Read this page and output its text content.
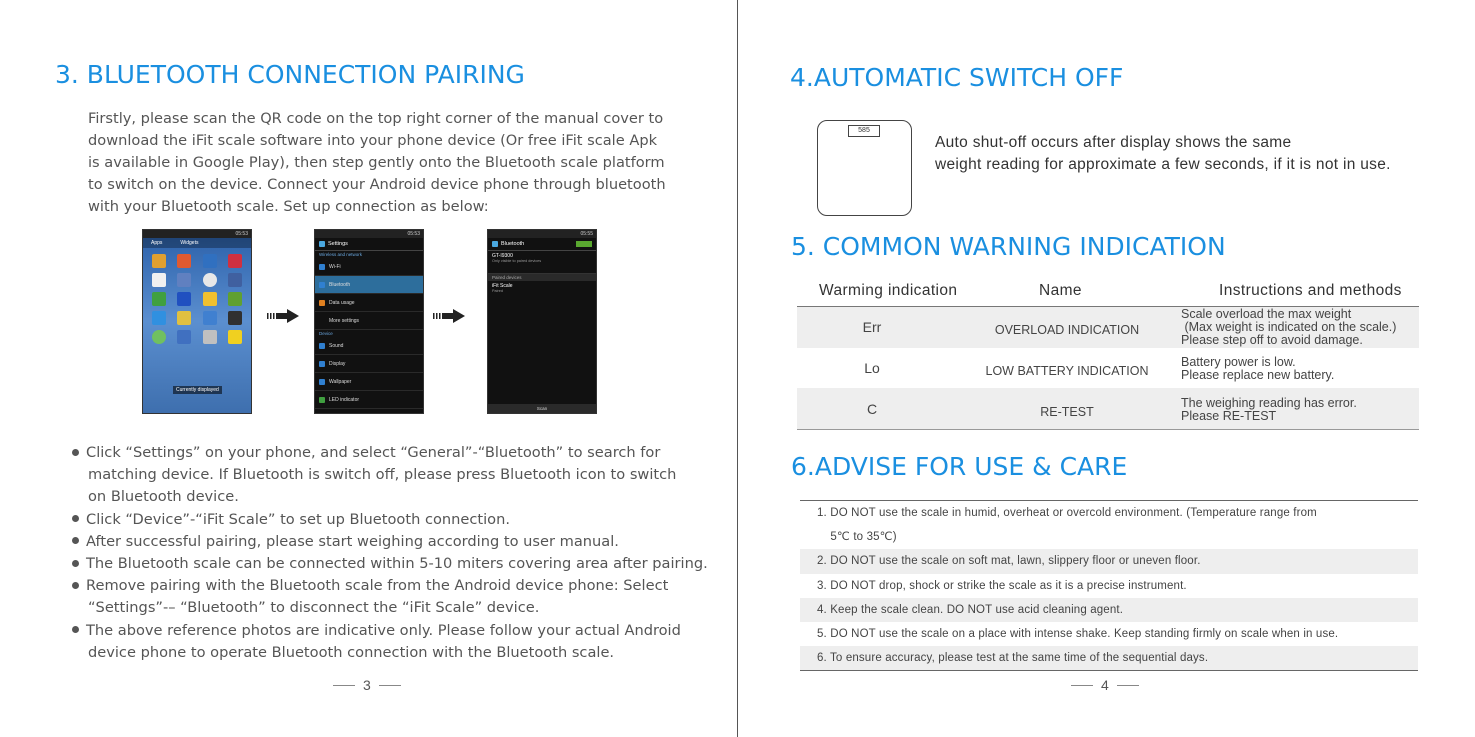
3. BLUETOOTH CONNECTION PAIRING

Firstly, please scan the QR code on the top right corner of the manual cover to

download the iFit scale software into your phone device (Or free iFit scale Apk

is available in Google Play), then step gently onto the Bluetooth scale platform

to switch on the device. Connect your Android device phone through bluetooth

with your Bluetooth scale. Set up connection as below:

05:53
Apps	Widgets
Currently displayed
05:53
Settings
Wireless and network
Wi-Fi
Bluetooth
Data usage
More settings
Device
Sound
Display
Wallpaper
LED indicator
05:55
Bluetooth
GT-I9300
Only visible to paired devices
Paired devices
iFit Scale
Paired
Scan
Click “Settings” on your phone, and select “General”-“Bluetooth” to search for
matching device. If Bluetooth is switch off, please press Bluetooth icon to switch
on Bluetooth device.
Click “Device”-“iFit Scale” to set up Bluetooth connection.
After successful pairing, please start weighing according to user manual.
The Bluetooth scale can be connected within 5-10 miters covering area after pairing.
Remove pairing with the Bluetooth scale from the Android device phone: Select
“Settings”-– “Bluetooth” to disconnect the “iFit Scale” device.
The above reference photos are indicative only. Please follow your actual Android
device phone to operate Bluetooth connection with the Bluetooth scale.
3
4.AUTOMATIC SWITCH OFF
585

Auto shut-off occurs after display shows the same

weight reading for approximate a few seconds, if it is not in use.

5. COMMON WARNING INDICATION
Warming indication	Name	Instructions and methods
Err	OVERLOAD INDICATION
Scale overload the max weight
(Max weight is indicated on the scale.)
Please step off to avoid damage.
Lo	LOW BATTERY INDICATION
Battery power is low.
Please replace new battery.
C	RE-TEST
The weighing reading has error.
Please RE-TEST
6.ADVISE FOR USE & CARE
1. DO NOT use the scale in humid, overheat or overcold environment. (Temperature range from
5℃ to 35℃)
2. DO NOT use the scale on soft mat, lawn, slippery floor or uneven floor.
3. DO NOT drop, shock or strike the scale as it is a precise instrument.
4. Keep the scale clean. DO NOT use acid cleaning agent.
5. DO NOT use the scale on a place with intense shake. Keep standing firmly on scale when in use.
6. To ensure accuracy, please test at the same time of the sequential days.
4
